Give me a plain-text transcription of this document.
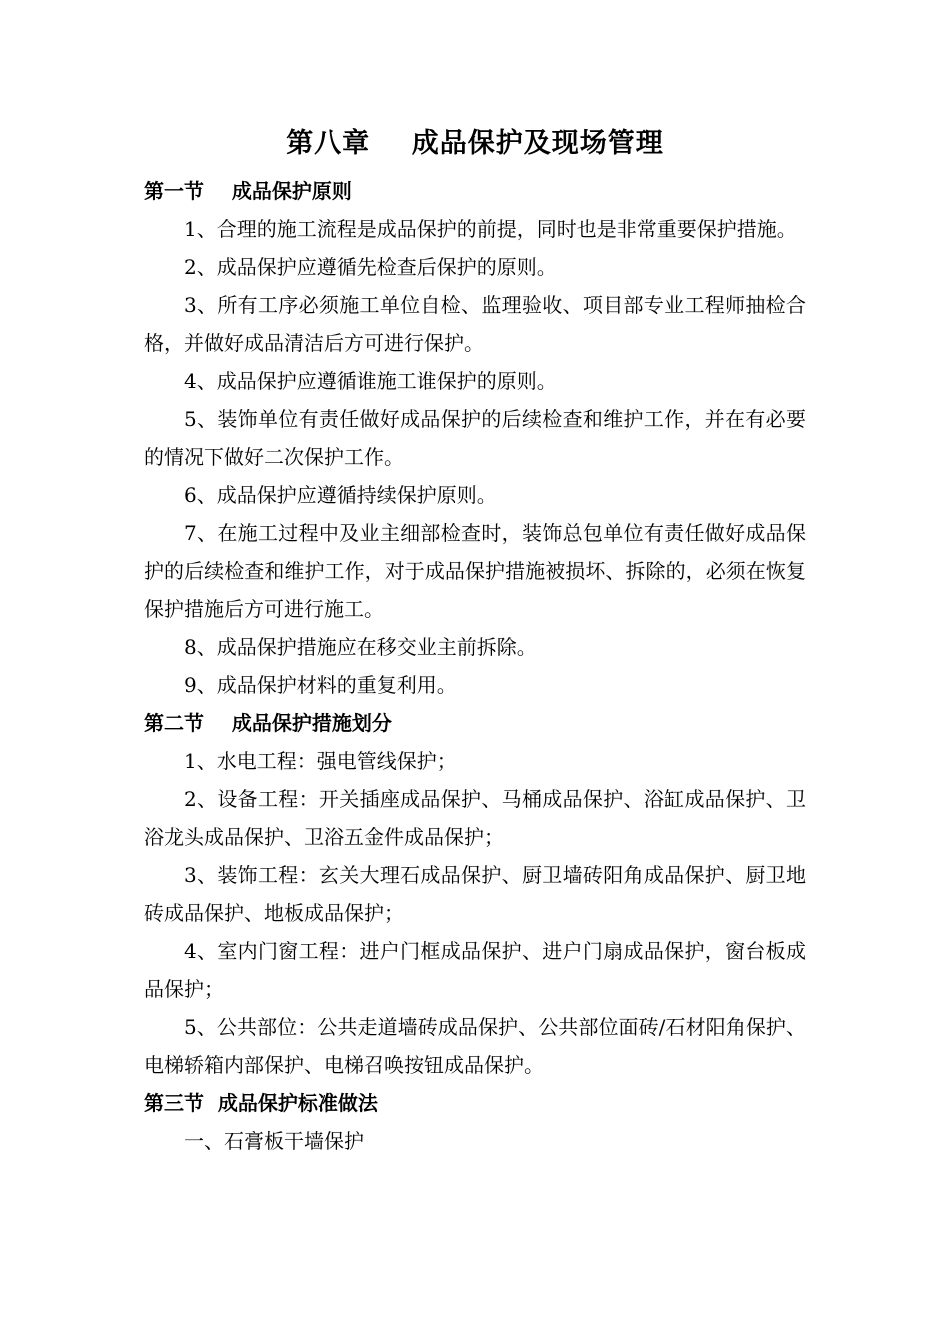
第八章    成品保护及现场管理
第一节    成品保护原则

1、合理的施工流程是成品保护的前提，同时也是非常重要保护措施。

2、成品保护应遵循先检查后保护的原则。

3、所有工序必须施工单位自检、监理验收、项目部专业工程师抽检合格，并做好成品清洁后方可进行保护。

4、成品保护应遵循谁施工谁保护的原则。

5、装饰单位有责任做好成品保护的后续检查和维护工作，并在有必要的情况下做好二次保护工作。

6、成品保护应遵循持续保护原则。

7、在施工过程中及业主细部检查时，装饰总包单位有责任做好成品保护的后续检查和维护工作，对于成品保护措施被损坏、拆除的，必须在恢复保护措施后方可进行施工。

8、成品保护措施应在移交业主前拆除。

9、成品保护材料的重复利用。

第二节    成品保护措施划分

1、水电工程：强电管线保护；

2、设备工程：开关插座成品保护、马桶成品保护、浴缸成品保护、卫浴龙头成品保护、卫浴五金件成品保护；

3、装饰工程：玄关大理石成品保护、厨卫墙砖阳角成品保护、厨卫地砖成品保护、地板成品保护；

4、室内门窗工程：进户门框成品保护、进户门扇成品保护，窗台板成品保护；

5、公共部位：公共走道墙砖成品保护、公共部位面砖/石材阳角保护、电梯轿箱内部保护、电梯召唤按钮成品保护。

第三节  成品保护标准做法

一、石膏板干墙保护
